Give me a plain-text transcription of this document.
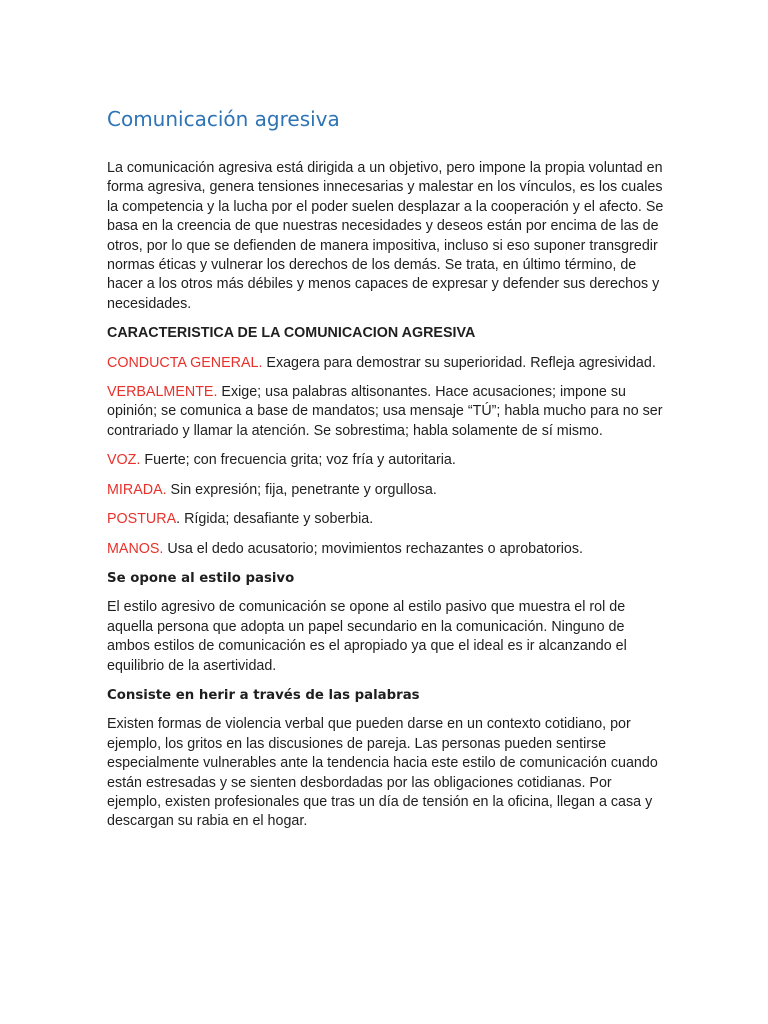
Comunicación agresiva

La comunicación agresiva está dirigida a un objetivo, pero impone la propia voluntad en forma agresiva, genera tensiones innecesarias y malestar en los vínculos, es los cuales la competencia y la lucha por el poder suelen desplazar a la cooperación y el afecto. Se basa en la creencia de que nuestras necesidades y deseos están por encima de las de otros, por lo que se defienden de manera impositiva, incluso si eso suponer transgredir normas éticas y vulnerar los derechos de los demás. Se trata, en último término, de hacer a los otros más débiles y menos capaces de expresar y defender sus derechos y necesidades.

CARACTERISTICA DE LA COMUNICACION AGRESIVA

CONDUCTA GENERAL. Exagera para demostrar su superioridad. Refleja agresividad.

VERBALMENTE. Exige; usa palabras altisonantes. Hace acusaciones; impone su opinión; se comunica a base de mandatos; usa mensaje “TÚ”; habla mucho para no ser contrariado y llamar la atención. Se sobrestima; habla solamente de sí mismo.

VOZ. Fuerte; con frecuencia grita; voz fría y autoritaria.

MIRADA. Sin expresión; fija, penetrante y orgullosa.

POSTURA. Rígida; desafiante y soberbia.

MANOS. Usa el dedo acusatorio; movimientos rechazantes o aprobatorios.

Se opone al estilo pasivo

El estilo agresivo de comunicación se opone al estilo pasivo que muestra el rol de aquella persona que adopta un papel secundario en la comunicación. Ninguno de ambos estilos de comunicación es el apropiado ya que el ideal es ir alcanzando el equilibrio de la asertividad.

Consiste en herir a través de las palabras

Existen formas de violencia verbal que pueden darse en un contexto cotidiano, por ejemplo, los gritos en las discusiones de pareja. Las personas pueden sentirse especialmente vulnerables ante la tendencia hacia este estilo de comunicación cuando están estresadas y se sienten desbordadas por las obligaciones cotidianas. Por ejemplo, existen profesionales que tras un día de tensión en la oficina, llegan a casa y descargan su rabia en el hogar.
